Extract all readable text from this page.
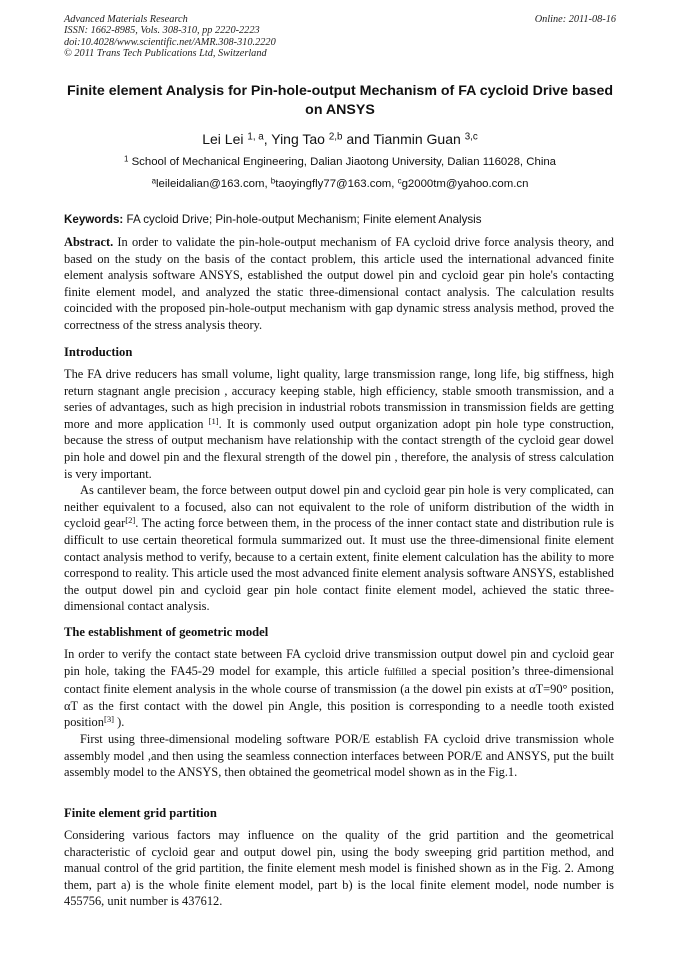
Advanced Materials Research
ISSN: 1662-8985, Vols. 308-310, pp 2220-2223
doi:10.4028/www.scientific.net/AMR.308-310.2220
© 2011 Trans Tech Publications Ltd, Switzerland
Online: 2011-08-16
Finite element Analysis for Pin-hole-output Mechanism of FA cycloid Drive based on ANSYS
Lei Lei $^{1, a}$, Ying Tao $^{2,b}$ and Tianmin Guan $^{3,c}$
$^1$ School of Mechanical Engineering, Dalian Jiaotong University, Dalian 116028, China
$^a$leileidalian@163.com, $^b$taoyingfly77@163.com, $^c$g2000tm@yahoo.com.cn
Keywords: FA cycloid Drive; Pin-hole-output Mechanism; Finite element Analysis

Abstract. In order to validate the pin-hole-output mechanism of FA cycloid drive force analysis theory, and based on the study on the basis of the contact problem, this article used the international advanced finite element analysis software ANSYS, established the output dowel pin and cycloid gear pin hole's contacting finite element model, and analyzed the static three-dimensional contact analysis. The calculation results coincided with the proposed pin-hole-output mechanism with gap dynamic stress analysis method, proved the correctness of the stress analysis theory.

Introduction

The FA drive reducers has small volume, light quality, large transmission range, long life, big stiffness, high return stagnant angle precision , accuracy keeping stable, high efficiency, stable smooth transmission, and a series of advantages, such as high precision in industrial robots transmission in transmission fields are getting more and more application [1]. It is commonly used output organization adopt pin hole type construction, because the stress of output mechanism have relationship with the contact strength of the cycloid gear dowel pin hole and dowel pin and the flexural strength of the dowel pin , therefore, the analysis of stress calculation is very important.

As cantilever beam, the force between output dowel pin and cycloid gear pin hole is very complicated, can neither equivalent to a focused, also can not equivalent to the role of uniform distribution of the width in cycloid gear[2]. The acting force between them, in the process of the inner contact state and distribution rule is difficult to use certain theoretical formula summarized out. It must use the three-dimensional finite element contact analysis method to verify, because to a certain extent, finite element calculation has the ability to more correspond to reality. This article used the most advanced finite element analysis software ANSYS, established the output dowel pin and cycloid gear pin hole contact finite element model, achieved the static three-dimensional contact analysis.

The establishment of geometric model

In order to verify the contact state between FA cycloid drive transmission output dowel pin and cycloid gear pin hole, taking the FA45-29 model for example, this article fulfilled a special position’s three-dimensional contact finite element analysis in the whole course of transmission (a the dowel pin exists at αT=90° position, αT as the first contact with the dowel pin Angle, this position is corresponding to a needle tooth existed position[3] ).

First using three-dimensional modeling software POR/E establish FA cycloid drive transmission whole assembly model ,and then using the seamless connection interfaces between POR/E and ANSYS, put the built assembly model to the ANSYS, then obtained the geometrical model shown as in the Fig.1.

Finite element grid partition

Considering various factors may influence on the quality of the grid partition and the geometrical characteristic of cycloid gear and output dowel pin, using the body sweeping grid partition method, and manual control of the grid partition, the finite element mesh model is finished shown as in the Fig. 2. Among them, part a) is the whole finite element model, part b) is the local finite element model, node number is 455756, unit number is 437612.
